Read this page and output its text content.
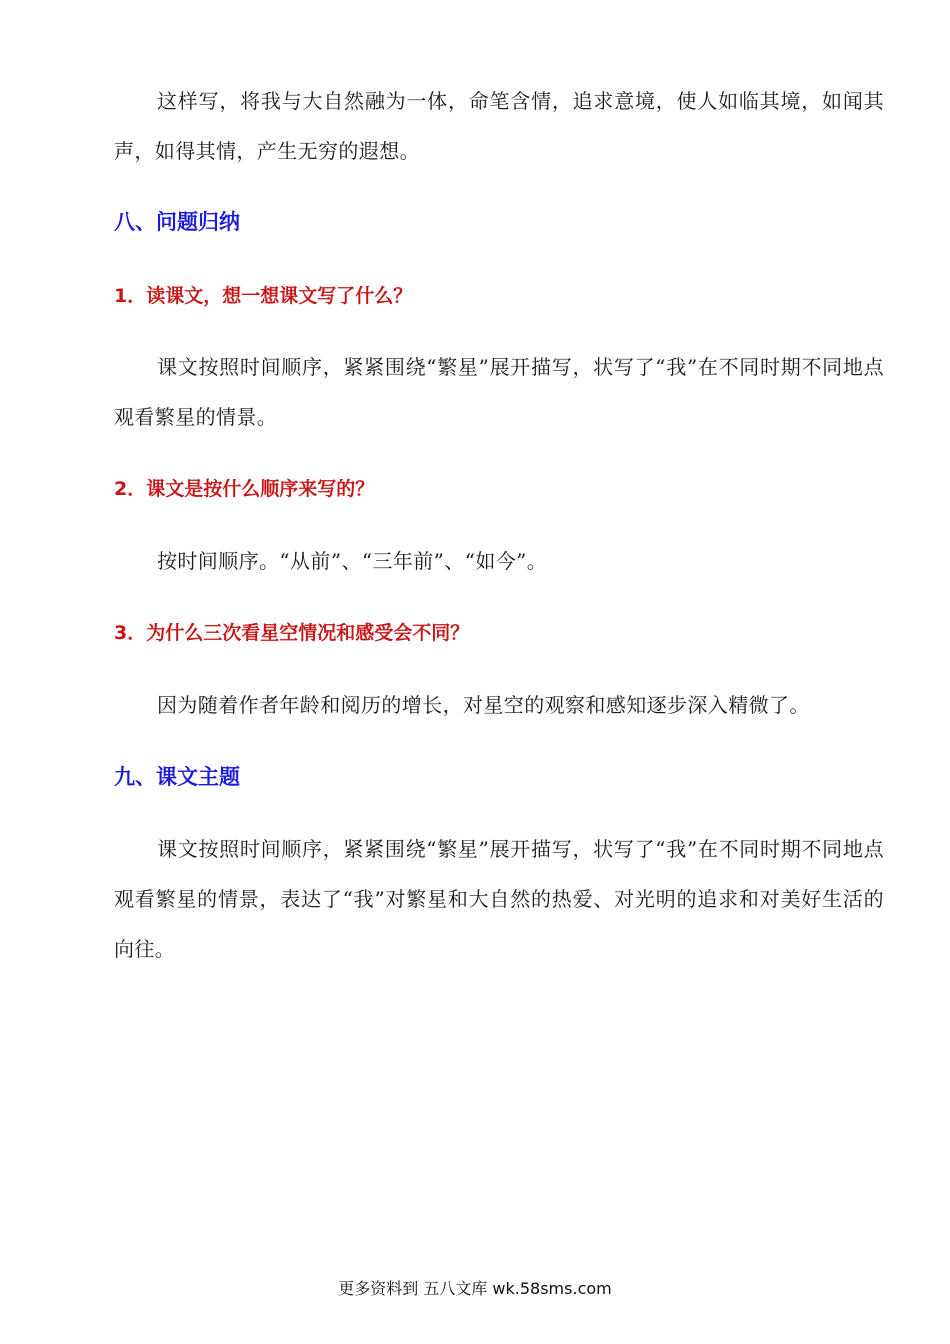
这样写，将我与大自然融为一体，命笔含情，追求意境，使人如临其境，如闻其声，如得其情，产生无穷的遐想。

八、问题归纳
1．读课文，想一想课文写了什么？

课文按照时间顺序，紧紧围绕“繁星”展开描写，状写了“我”在不同时期不同地点观看繁星的情景。

2．课文是按什么顺序来写的？

按时间顺序。“从前”、“三年前”、“如今”。

3．为什么三次看星空情况和感受会不同？

因为随着作者年龄和阅历的增长，对星空的观察和感知逐步深入精微了。

九、课文主题

课文按照时间顺序，紧紧围绕“繁星”展开描写，状写了“我”在不同时期不同地点观看繁星的情景，表达了“我”对繁星和大自然的热爱、对光明的追求和对美好生活的向往。

更多资料到 五八文库 wk.58sms.com
